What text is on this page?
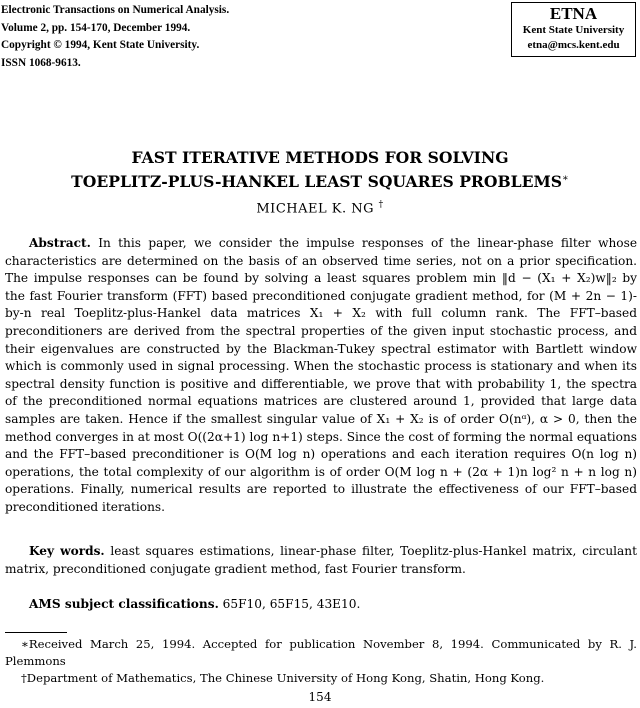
Electronic Transactions on Numerical Analysis.
Volume 2, pp. 154-170, December 1994.
Copyright © 1994, Kent State University.
ISSN 1068-9613.
ETNA
Kent State University
etna@mcs.kent.edu
FAST ITERATIVE METHODS FOR SOLVING
TOEPLITZ-PLUS-HANKEL LEAST SQUARES PROBLEMS∗
MICHAEL K. NG †
Abstract. In this paper, we consider the impulse responses of the linear-phase filter whose
characteristics are determined on the basis of an observed time series, not on a prior specification.
The impulse responses can be found by solving a least squares problem min ‖d − (X₁ + X₂)w‖₂ by
the fast Fourier transform (FFT) based preconditioned conjugate gradient method, for (M + 2n − 1)-
by-n real Toeplitz-plus-Hankel data matrices X₁ + X₂ with full column rank. The FFT–based
preconditioners are derived from the spectral properties of the given input stochastic process, and
their eigenvalues are constructed by the Blackman-Tukey spectral estimator with Bartlett window
which is commonly used in signal processing. When the stochastic process is stationary and when its
spectral density function is positive and differentiable, we prove that with probability 1, the spectra
of the preconditioned normal equations matrices are clustered around 1, provided that large data
samples are taken. Hence if the smallest singular value of X₁ + X₂ is of order O(nᵅ), α > 0, then the
method converges in at most O((2α+1) log n+1) steps. Since the cost of forming the normal equations
and the FFT–based preconditioner is O(M log n) operations and each iteration requires O(n log n)
operations, the total complexity of our algorithm is of order O(M log n + (2α + 1)n log² n + n log n)
operations. Finally, numerical results are reported to illustrate the effectiveness of our FFT–based
preconditioned iterations.
Key words. least squares estimations, linear-phase filter, Toeplitz-plus-Hankel matrix, circulant
matrix, preconditioned conjugate gradient method, fast Fourier transform.
AMS subject classifications. 65F10, 65F15, 43E10.
∗Received March 25, 1994. Accepted for publication November 8, 1994. Communicated by R. J.
Plemmons
†Department of Mathematics, The Chinese University of Hong Kong, Shatin, Hong Kong.
154
